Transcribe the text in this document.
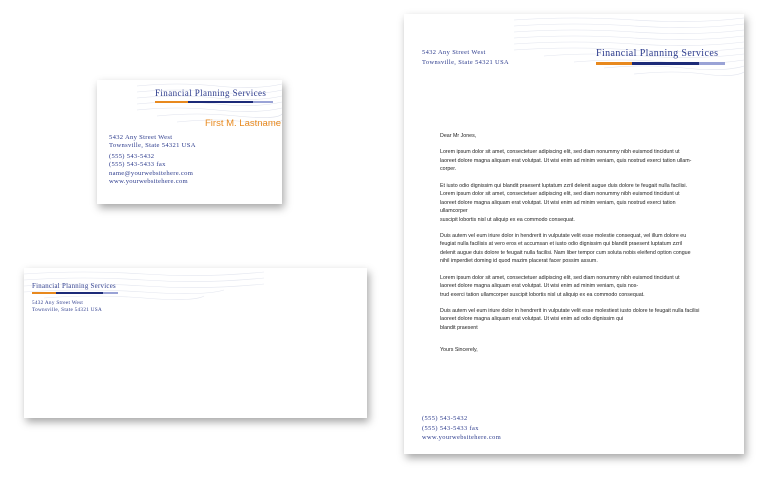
Financial Planning Services
First M. Lastname
5432 Any Street West
Townsville, State 54321 USA
(555) 543-5432
(555) 543-5433 fax
name@yourwebsitehere.com
www.yourwebsitehere.com
Financial Planning Services
5432 Any Street West
Townsville, State 54321 USA
5432 Any Street West
Townsville, State 54321 USA
Financial Planning Services

Dear Mr Jones,

Lorem ipsum dolor sit amet, consectetuer adipiscing elit, sed diam nonummy nibh euismod tincidunt ut
laoreet dolore magna aliquam erat volutpat. Ut wisi enim ad minim veniam, quis nostrud exerci tation ullam-
corper.

Et iusto odio dignissim qui blandit praesent luptatum zzril delenit augue duis dolore te feugait nulla facilisi.
Lorem ipsum dolor sit amet, consectetuer adipiscing elit, sed diam nonummy nibh euismod tincidunt ut
laoreet dolore magna aliquam erat volutpat. Ut wisi enim ad minim veniam, quis nostrud exerci tation ullamcorper
suscipit lobortis nisl ut aliquip ex ea commodo consequat.

Duis autem vel eum iriure dolor in hendrerit in vulputate velit esse molestie consequat, vel illum dolore eu
feugiat nulla facilisis at vero eros et accumsan et iusto odio dignissim qui blandit praesent luptatum zzril
delenit augue duis dolore te feugait nulla facilisi. Nam liber tempor cum soluta nobis eleifend option congue
nihil imperdiet doming id quod mazim placerat facer possim assum.

Lorem ipsum dolor sit amet, consectetuer adipiscing elit, sed diam nonummy nibh euismod tincidunt ut
laoreet dolore magna aliquam erat volutpat. Ut wisi enim ad minim veniam, quis nos-
trud exerci tation ullamcorper suscipit lobortis nisl ut aliquip ex ea commodo consequat.

Duis autem vel eum iriure dolor in hendrerit in vulputate velit esse molestiest iusto dolore te feugait nulla facilisi
laoreet dolore magna aliquam erat volutpat. Ut wisi enim ad odio dignissim qui
blandit praesent

Yours Sincerely,

(555) 543-5432
(555) 543-5433 fax
www.yourwebsitehere.com
